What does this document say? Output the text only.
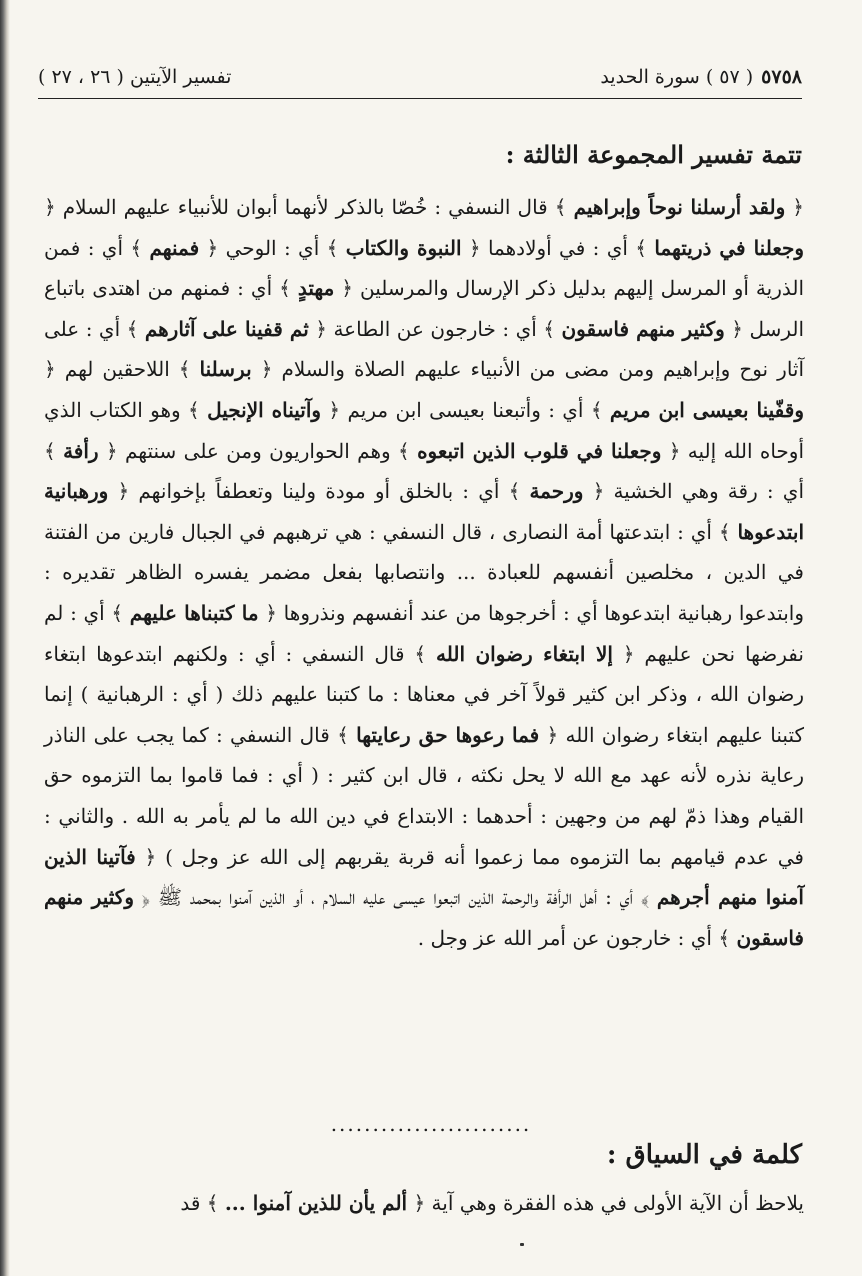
٥٧٥٨( ٥٧ ) سورة الحديد
تفسير الآيتين ( ٢٦ ، ٢٧ )
تتمة تفسير المجموعة الثالثة :

﴿ ولقد أرسلنا نوحاً وإبراهيم ﴾ قال النسفي : خُصّا بالذكر لأنهما أبوان للأنبياء عليهم السلام ﴿ وجعلنا في ذريتهما ﴾ أي : في أولادهما ﴿ النبوة والكتاب ﴾ أي : الوحي ﴿ فمنهم ﴾ أي : فمن الذرية أو المرسل إليهم بدليل ذكر الإرسال والمرسلين ﴿ مهتدٍ ﴾ أي : فمنهم من اهتدى باتباع الرسل ﴿ وكثير منهم فاسقون ﴾ أي : خارجون عن الطاعة ﴿ ثم قفينا على آثارهم ﴾ أي : على آثار نوح وإبراهيم ومن مضى من الأنبياء عليهم الصلاة والسلام ﴿ برسلنا ﴾ اللاحقين لهم ﴿ وقفّينا بعيسى ابن مريم ﴾ أي : وأتبعنا بعيسى ابن مريم ﴿ وآتيناه الإنجيل ﴾ وهو الكتاب الذي أوحاه الله إليه ﴿ وجعلنا في قلوب الذين اتبعوه ﴾ وهم الحواريون ومن على سنتهم ﴿ رأفة ﴾ أي : رقة وهي الخشية ﴿ ورحمة ﴾ أي : بالخلق أو مودة ولينا وتعطفاً بإخوانهم ﴿ ورهبانية ابتدعوها ﴾ أي : ابتدعتها أمة النصارى ، قال النسفي : هي ترهبهم في الجبال فارين من الفتنة في الدين ، مخلصين أنفسهم للعبادة ... وانتصابها بفعل مضمر يفسره الظاهر تقديره : وابتدعوا رهبانية ابتدعوها أي : أخرجوها من عند أنفسهم ونذروها ﴿ ما كتبناها عليهم ﴾ أي : لم نفرضها نحن عليهم ﴿ إلا ابتغاء رضوان الله ﴾ قال النسفي : أي : ولكنهم ابتدعوها ابتغاء رضوان الله ، وذكر ابن كثير قولاً آخر في معناها : ما كتبنا عليهم ذلك ( أي : الرهبانية ) إنما كتبنا عليهم ابتغاء رضوان الله ﴿ فما رعوها حق رعايتها ﴾ قال النسفي : كما يجب على الناذر رعاية نذره لأنه عهد مع الله لا يحل نكثه ، قال ابن كثير : ( أي : فما قاموا بما التزموه حق القيام وهذا ذمّ لهم من وجهين : أحدهما : الابتداع في دين الله ما لم يأمر به الله . والثاني : في عدم قيامهم بما التزموه مما زعموا أنه قربة يقربهم إلى الله عز وجل ) ﴿ فآتينا الذين آمنوا منهم أجرهم ﴾ أي : أهل الرأفة والرحمة الذين اتبعوا عيسى عليه السلام ، أو الذين آمنوا بمحمد ﷺ ﴿ وكثير منهم فاسقون ﴾ أي : خارجون عن أمر الله عز وجل .

........................
كلمة في السياق :
يلاحظ أن الآية الأولى في هذه الفقرة وهي آية ﴿ ألم يأن للذين آمنوا ... ﴾ قد
